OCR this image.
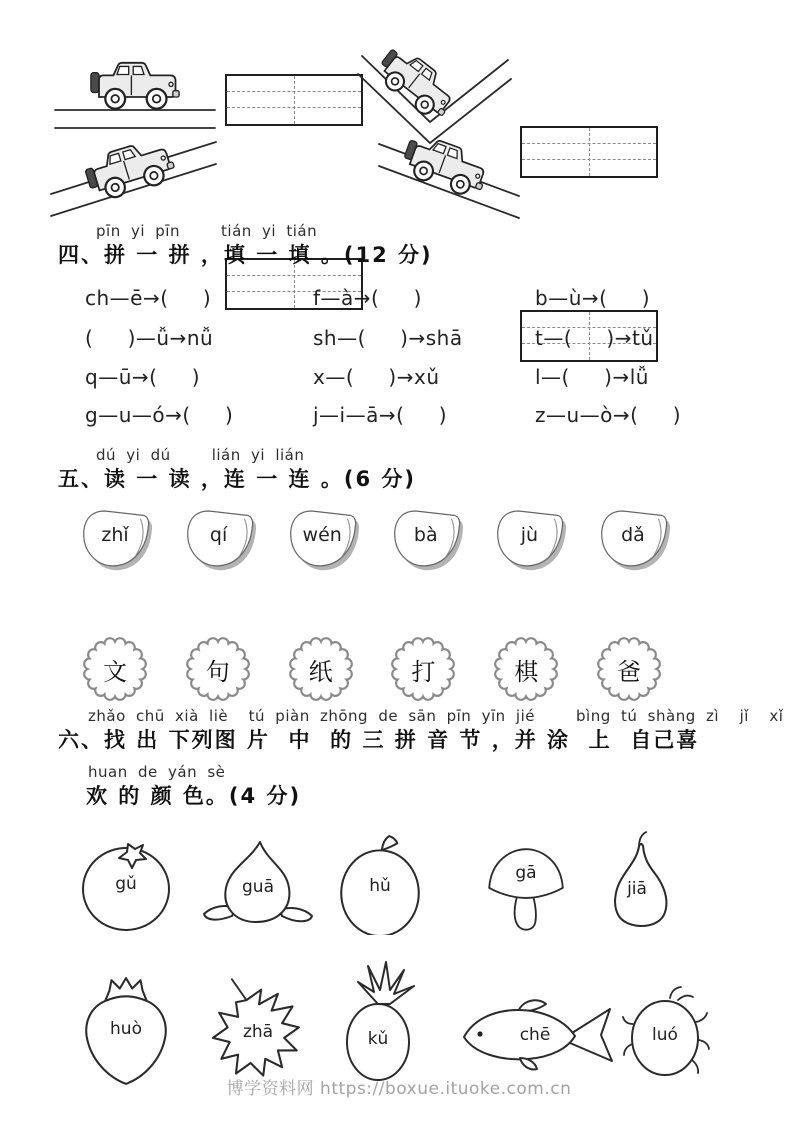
pīn yi pīn    tián yi tián
四、拼 一 拼 ，填 一 填 。(12 分)
ch—ē→(     )	f—à→(     )	b—ù→(     )
(     )—ǚ→nǚ	sh—(     )→shā	t—(     )→tǔ
q—ū→(     )	x—(     )→xǔ	l—(     )→lǚ
g—u—ó→(     )	j—i—ā→(     )	z—u—ò→(     )
dú yi dú    lián yi lián
五、读 一 读 ，连 一 连 。(6 分)
zhǐ	qí	wén	bà	jù	dǎ
文	句	纸	打	棋	爸
zhǎo chū xià liè  tú piàn zhōng de sān pīn yīn jié    bìng tú shàng zì  jǐ  xǐ
六、找 出 下列图 片  中  的 三 拼 音 节 ，并 涂  上  自己喜
huan de yán sè
欢 的 颜 色。(4 分)
gǔ	guā	hǔ
gā
jiā
huò	zhā	kǔ	chē	luó
博学资料网 https://boxue.ituoke.com.cn
